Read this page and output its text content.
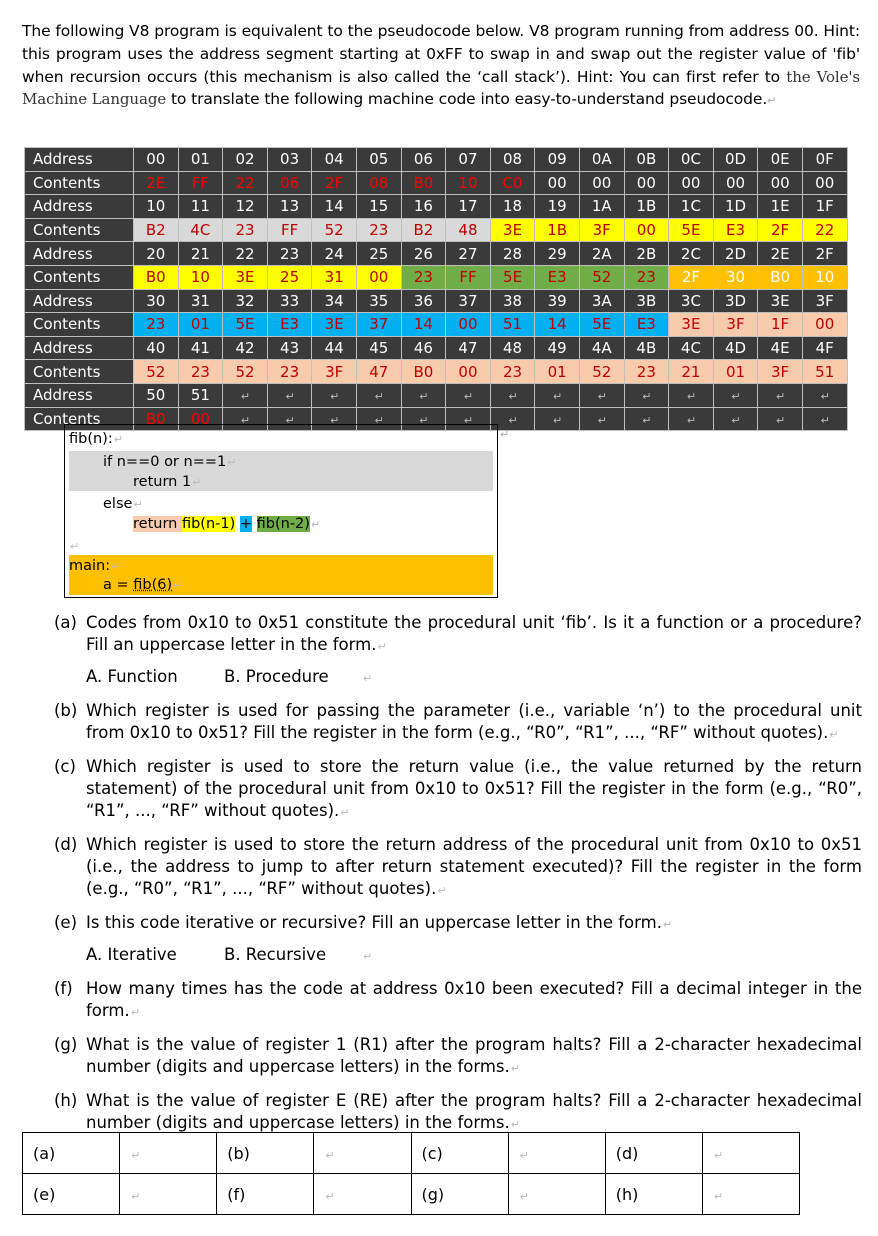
The following V8 program is equivalent to the pseudocode below. V8 program running from address 00. Hint: this program uses the address segment starting at 0xFF to swap in and swap out the register value of 'fib' when recursion occurs (this mechanism is also called the ‘call stack’). Hint: You can first refer to the Vole's Machine Language to translate the following machine code into easy-to-understand pseudocode.↵
Address	00	01	02	03	04	05	06	07	08	09	0A	0B	0C	0D	0E	0F
Contents	2E	FF	22	06	2F	08	B0	10	C0	00	00	00	00	00	00	00
Address	10	11	12	13	14	15	16	17	18	19	1A	1B	1C	1D	1E	1F
Contents	B2	4C	23	FF	52	23	B2	48	3E	1B	3F	00	5E	E3	2F	22
Address	20	21	22	23	24	25	26	27	28	29	2A	2B	2C	2D	2E	2F
Contents	B0	10	3E	25	31	00	23	FF	5E	E3	52	23	2F	30	B0	10
Address	30	31	32	33	34	35	36	37	38	39	3A	3B	3C	3D	3E	3F
Contents	23	01	5E	E3	3E	37	14	00	51	14	5E	E3	3E	3F	1F	00
Address	40	41	42	43	44	45	46	47	48	49	4A	4B	4C	4D	4E	4F
Contents	52	23	52	23	3F	47	B0	00	23	01	52	23	21	01	3F	51
Address	50	51	↵	↵	↵	↵	↵	↵	↵	↵	↵	↵	↵	↵	↵	↵
Contents	B0	00	↵	↵	↵	↵	↵	↵	↵	↵	↵	↵	↵	↵	↵	↵
fib(n):↵
if n==0 or n==1↵
return 1↵
else↵
return fib(n-1) + fib(n-2)↵
↵
main:↵
a = fib(6)↵
↵
(a) Codes from 0x10 to 0x51 constitute the procedural unit ‘fib’. Is it a function or a procedure? Fill an uppercase letter in the form.↵
A. Function	B. Procedure	↵
(b) Which register is used for passing the parameter (i.e., variable ‘n’) to the procedural unit from 0x10 to 0x51? Fill the register in the form (e.g., “R0”, “R1”, ..., “RF” without quotes).↵
(c) Which register is used to store the return value (i.e., the value returned by the return statement) of the procedural unit from 0x10 to 0x51? Fill the register in the form (e.g., “R0”, “R1”, ..., “RF” without quotes).↵
(d) Which register is used to store the return address of the procedural unit from 0x10 to 0x51 (i.e., the address to jump to after return statement executed)? Fill the register in the form (e.g., “R0”, “R1”, ..., “RF” without quotes).↵
(e) Is this code iterative or recursive? Fill an uppercase letter in the form.↵
A. Iterative	B. Recursive	↵
(f) How many times has the code at address 0x10 been executed? Fill a decimal integer in the form.↵
(g) What is the value of register 1 (R1) after the program halts? Fill a 2-character hexadecimal number (digits and uppercase letters) in the forms.↵
(h) What is the value of register E (RE) after the program halts? Fill a 2-character hexadecimal number (digits and uppercase letters) in the forms.↵
(a)	↵	(b)	↵	(c)	↵	(d)	↵
(e)	↵	(f)	↵	(g)	↵	(h)	↵
